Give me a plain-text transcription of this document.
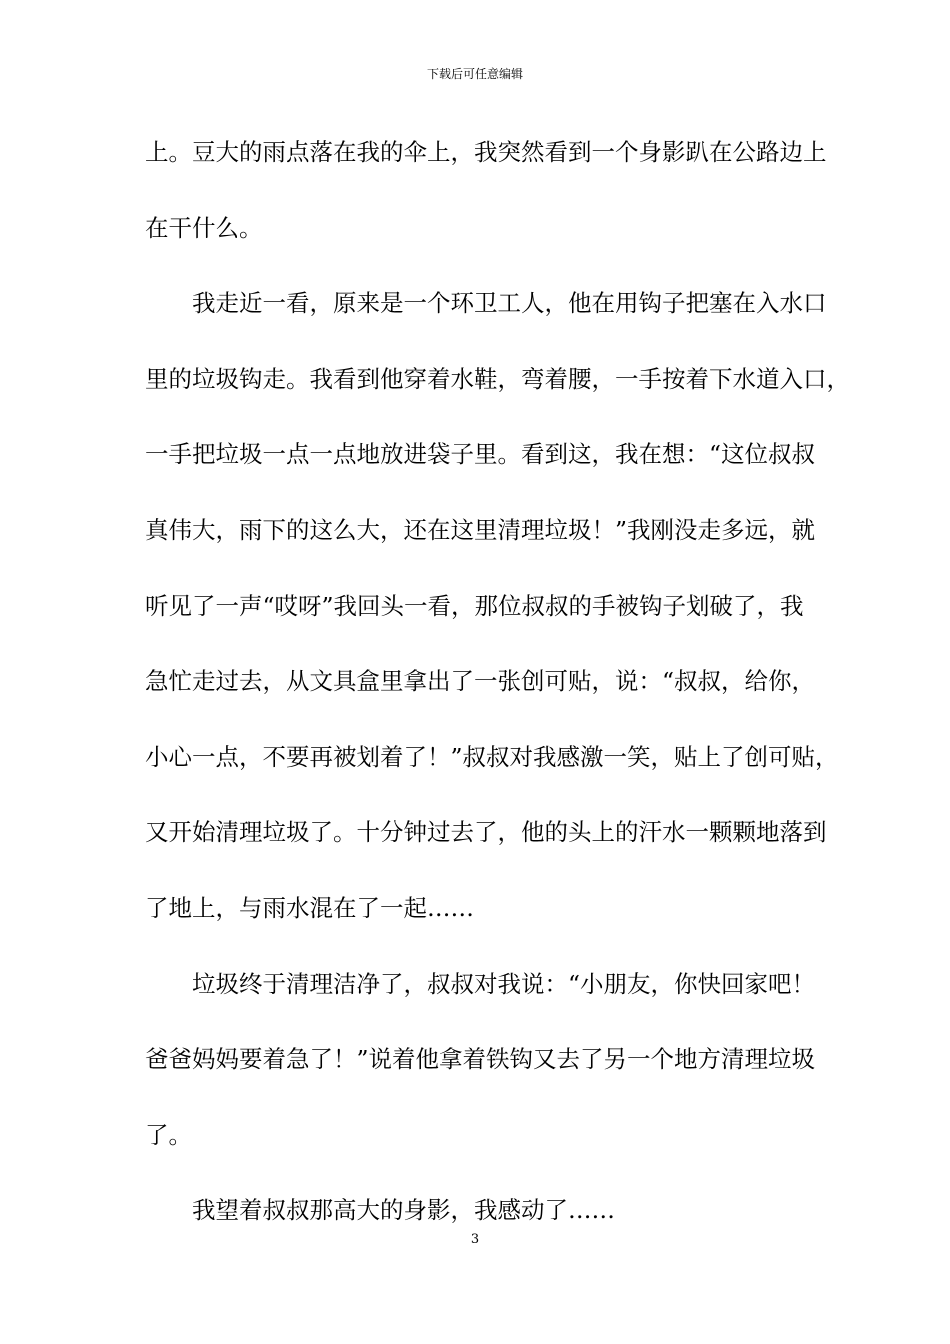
下载后可任意编辑
上。豆大的雨点落在我的伞上，我突然看到一个身影趴在公路边上
在干什么。
我走近一看，原来是一个环卫工人，他在用钩子把塞在入水口
里的垃圾钩走。我看到他穿着水鞋，弯着腰，一手按着下水道入口，
一手把垃圾一点一点地放进袋子里。看到这，我在想：“这位叔叔
真伟大，雨下的这么大，还在这里清理垃圾！”我刚没走多远，就
听见了一声“哎呀”我回头一看，那位叔叔的手被钩子划破了，我
急忙走过去，从文具盒里拿出了一张创可贴，说：“叔叔，给你，
小心一点，不要再被划着了！”叔叔对我感激一笑，贴上了创可贴，
又开始清理垃圾了。十分钟过去了，他的头上的汗水一颗颗地落到
了地上，与雨水混在了一起……
垃圾终于清理洁净了，叔叔对我说：“小朋友，你快回家吧！
爸爸妈妈要着急了！”说着他拿着铁钩又去了另一个地方清理垃圾
了。
我望着叔叔那高大的身影，我感动了……
3
